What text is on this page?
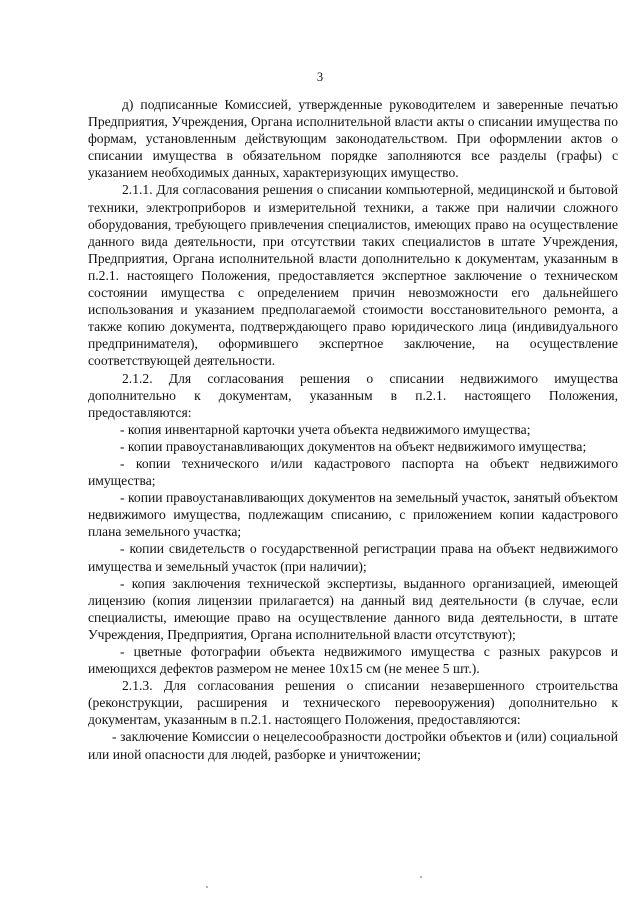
3

д) подписанные Комиссией, утвержденные руководителем и заверенные печатью Предприятия, Учреждения, Органа исполнительной власти акты о списании имущества по формам, установленным действующим законодательством. При оформлении актов о списании имущества в обязательном порядке заполняются все разделы (графы) с указанием необходимых данных, характеризующих имущество.

2.1.1. Для согласования решения о списании компьютерной, медицинской и бытовой техники, электроприборов и измерительной техники, а также при наличии сложного оборудования, требующего привлечения специалистов, имеющих право на осуществление данного вида деятельности, при отсутствии таких специалистов в штате Учреждения, Предприятия, Органа исполнительной власти дополнительно к документам, указанным в п.2.1. настоящего Положения, предоставляется экспертное заключение о техническом состоянии имущества с определением причин невозможности его дальнейшего использования и указанием предполагаемой стоимости восстановительного ремонта, а также копию документа, подтверждающего право юридического лица (индивидуального предпринимателя), оформившего экспертное заключение, на осуществление соответствующей деятельности.

2.1.2. Для согласования решения о списании недвижимого имущества дополнительно к документам, указанным в п.2.1. настоящего Положения, предоставляются:

- копия инвентарной карточки учета объекта недвижимого имущества;

- копии правоустанавливающих документов на объект недвижимого имущества;

- копии технического и/или кадастрового паспорта на объект недвижимого имущества;

- копии правоустанавливающих документов на земельный участок, занятый объектом недвижимого имущества, подлежащим списанию, с приложением копии кадастрового плана земельного участка;

- копии свидетельств о государственной регистрации права на объект недвижимого имущества и земельный участок (при наличии);

- копия заключения технической экспертизы, выданного организацией, имеющей лицензию (копия лицензии прилагается) на данный вид деятельности (в случае, если специалисты, имеющие право на осуществление данного вида деятельности, в штате Учреждения, Предприятия, Органа исполнительной власти отсутствуют);

- цветные фотографии объекта недвижимого имущества с разных ракурсов и имеющихся дефектов размером не менее 10х15 см (не менее 5 шт.).

2.1.3. Для согласования решения о списании незавершенного строительства (реконструкции, расширения и технического перевооружения) дополнительно к документам, указанным в п.2.1. настоящего Положения, предоставляются:

- заключение Комиссии о нецелесообразности достройки объектов и (или) социальной или иной опасности для людей, разборке и уничтожении;
